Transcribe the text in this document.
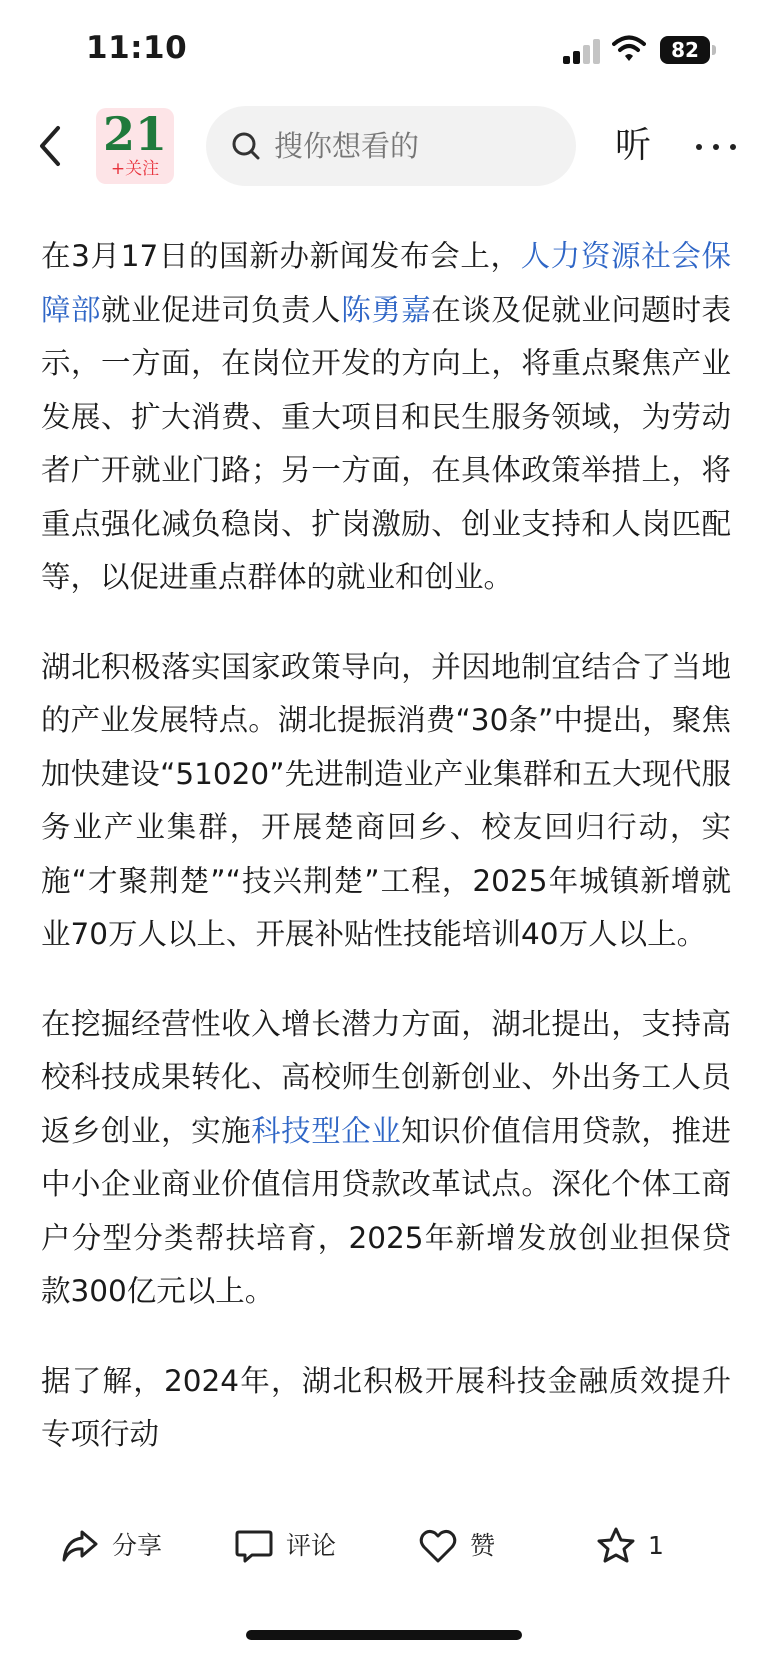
11:10	82
21
+关注
搜你想看的	听

在3月17日的国新办新闻发布会上，人力资源社会保障部就业促进司负责人陈勇嘉在谈及促就业问题时表示，一方面，在岗位开发的方向上，将重点聚焦产业发展、扩大消费、重大项目和民生服务领域，为劳动者广开就业门路；另一方面，在具体政策举措上，将重点强化减负稳岗、扩岗激励、创业支持和人岗匹配等，以促进重点群体的就业和创业。

湖北积极落实国家政策导向，并因地制宜结合了当地的产业发展特点。湖北提振消费“30条”中提出，聚焦加快建设“51020”先进制造业产业集群和五大现代服务业产业集群，开展楚商回乡、校友回归行动，实施“才聚荆楚”“技兴荆楚”工程，2025年城镇新增就业70万人以上、开展补贴性技能培训40万人以上。

在挖掘经营性收入增长潜力方面，湖北提出，支持高校科技成果转化、高校师生创新创业、外出务工人员返乡创业，实施科技型企业知识价值信用贷款，推进中小企业商业价值信用贷款改革试点。深化个体工商户分型分类帮扶培育，2025年新增发放创业担保贷款300亿元以上。

据了解，2024年，湖北积极开展科技金融质效提升专项行动

分享	评论	赞	1
